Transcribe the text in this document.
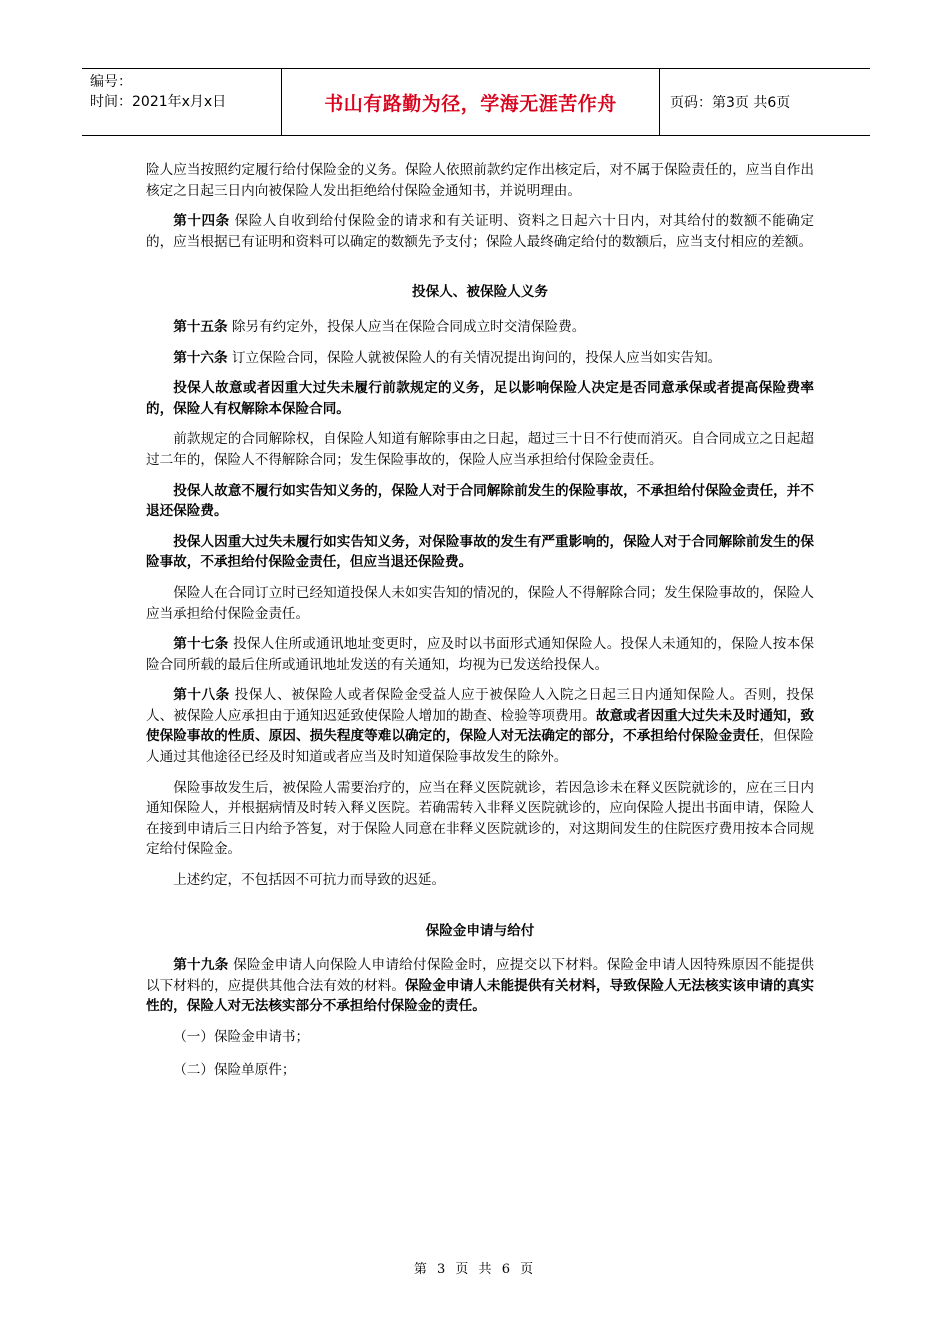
编号：
时间：2021年x月x日	书山有路勤为径，学海无涯苦作舟	页码：第3页 共6页

险人应当按照约定履行给付保险金的义务。保险人依照前款约定作出核定后，对不属于保险责任的，应当自作出核定之日起三日内向被保险人发出拒绝给付保险金通知书，并说明理由。

第十四条 保险人自收到给付保险金的请求和有关证明、资料之日起六十日内，对其给付的数额不能确定的，应当根据已有证明和资料可以确定的数额先予支付；保险人最终确定给付的数额后，应当支付相应的差额。

投保人、被保险人义务

第十五条 除另有约定外，投保人应当在保险合同成立时交清保险费。

第十六条 订立保险合同，保险人就被保险人的有关情况提出询问的，投保人应当如实告知。

投保人故意或者因重大过失未履行前款规定的义务，足以影响保险人决定是否同意承保或者提高保险费率的，保险人有权解除本保险合同。

前款规定的合同解除权，自保险人知道有解除事由之日起，超过三十日不行使而消灭。自合同成立之日起超过二年的，保险人不得解除合同；发生保险事故的，保险人应当承担给付保险金责任。

投保人故意不履行如实告知义务的，保险人对于合同解除前发生的保险事故，不承担给付保险金责任，并不退还保险费。

投保人因重大过失未履行如实告知义务，对保险事故的发生有严重影响的，保险人对于合同解除前发生的保险事故，不承担给付保险金责任，但应当退还保险费。

保险人在合同订立时已经知道投保人未如实告知的情况的，保险人不得解除合同；发生保险事故的，保险人应当承担给付保险金责任。

第十七条 投保人住所或通讯地址变更时，应及时以书面形式通知保险人。投保人未通知的，保险人按本保险合同所载的最后住所或通讯地址发送的有关通知，均视为已发送给投保人。

第十八条 投保人、被保险人或者保险金受益人应于被保险人入院之日起三日内通知保险人。否则，投保人、被保险人应承担由于通知迟延致使保险人增加的勘查、检验等项费用。故意或者因重大过失未及时通知，致使保险事故的性质、原因、损失程度等难以确定的，保险人对无法确定的部分，不承担给付保险金责任，但保险人通过其他途径已经及时知道或者应当及时知道保险事故发生的除外。

保险事故发生后，被保险人需要治疗的，应当在释义医院就诊，若因急诊未在释义医院就诊的，应在三日内通知保险人，并根据病情及时转入释义医院。若确需转入非释义医院就诊的，应向保险人提出书面申请，保险人在接到申请后三日内给予答复，对于保险人同意在非释义医院就诊的，对这期间发生的住院医疗费用按本合同规定给付保险金。

上述约定，不包括因不可抗力而导致的迟延。

保险金申请与给付

第十九条 保险金申请人向保险人申请给付保险金时，应提交以下材料。保险金申请人因特殊原因不能提供以下材料的，应提供其他合法有效的材料。保险金申请人未能提供有关材料，导致保险人无法核实该申请的真实性的，保险人对无法核实部分不承担给付保险金的责任。

（一）保险金申请书；

（二）保险单原件；

第 3 页 共 6 页
